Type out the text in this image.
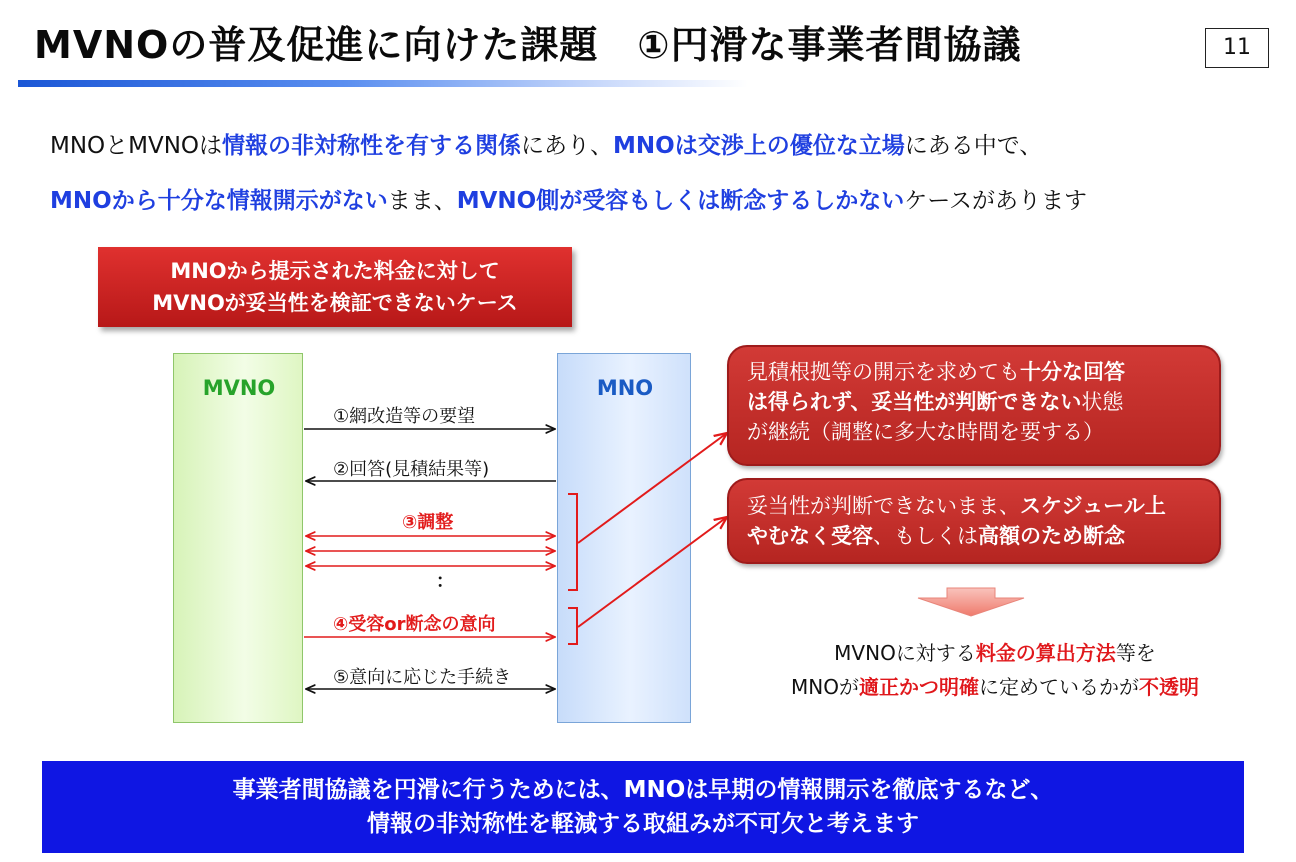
MVNOの普及促進に向けた課題　①円滑な事業者間協議	11
MNOとMVNOは情報の非対称性を有する関係にあり、MNOは交渉上の優位な立場にある中で、
MNOから十分な情報開示がないまま、MVNO側が受容もしくは断念するしかないケースがあります
MNOから提示された料金に対して
MVNOが妥当性を検証できないケース
MVNO	MNO
①網改造等の要望
②回答(見積結果等)
③調整
：
④受容or断念の意向
⑤意向に応じた手続き
見積根拠等の開示を求めても十分な回答
は得られず、妥当性が判断できない状態
が継続（調整に多大な時間を要する）
妥当性が判断できないまま、スケジュール上
やむなく受容、もしくは高額のため断念
MVNOに対する料金の算出方法等を
MNOが適正かつ明確に定めているかが不透明
事業者間協議を円滑に行うためには、MNOは早期の情報開示を徹底するなど、
情報の非対称性を軽減する取組みが不可欠と考えます
